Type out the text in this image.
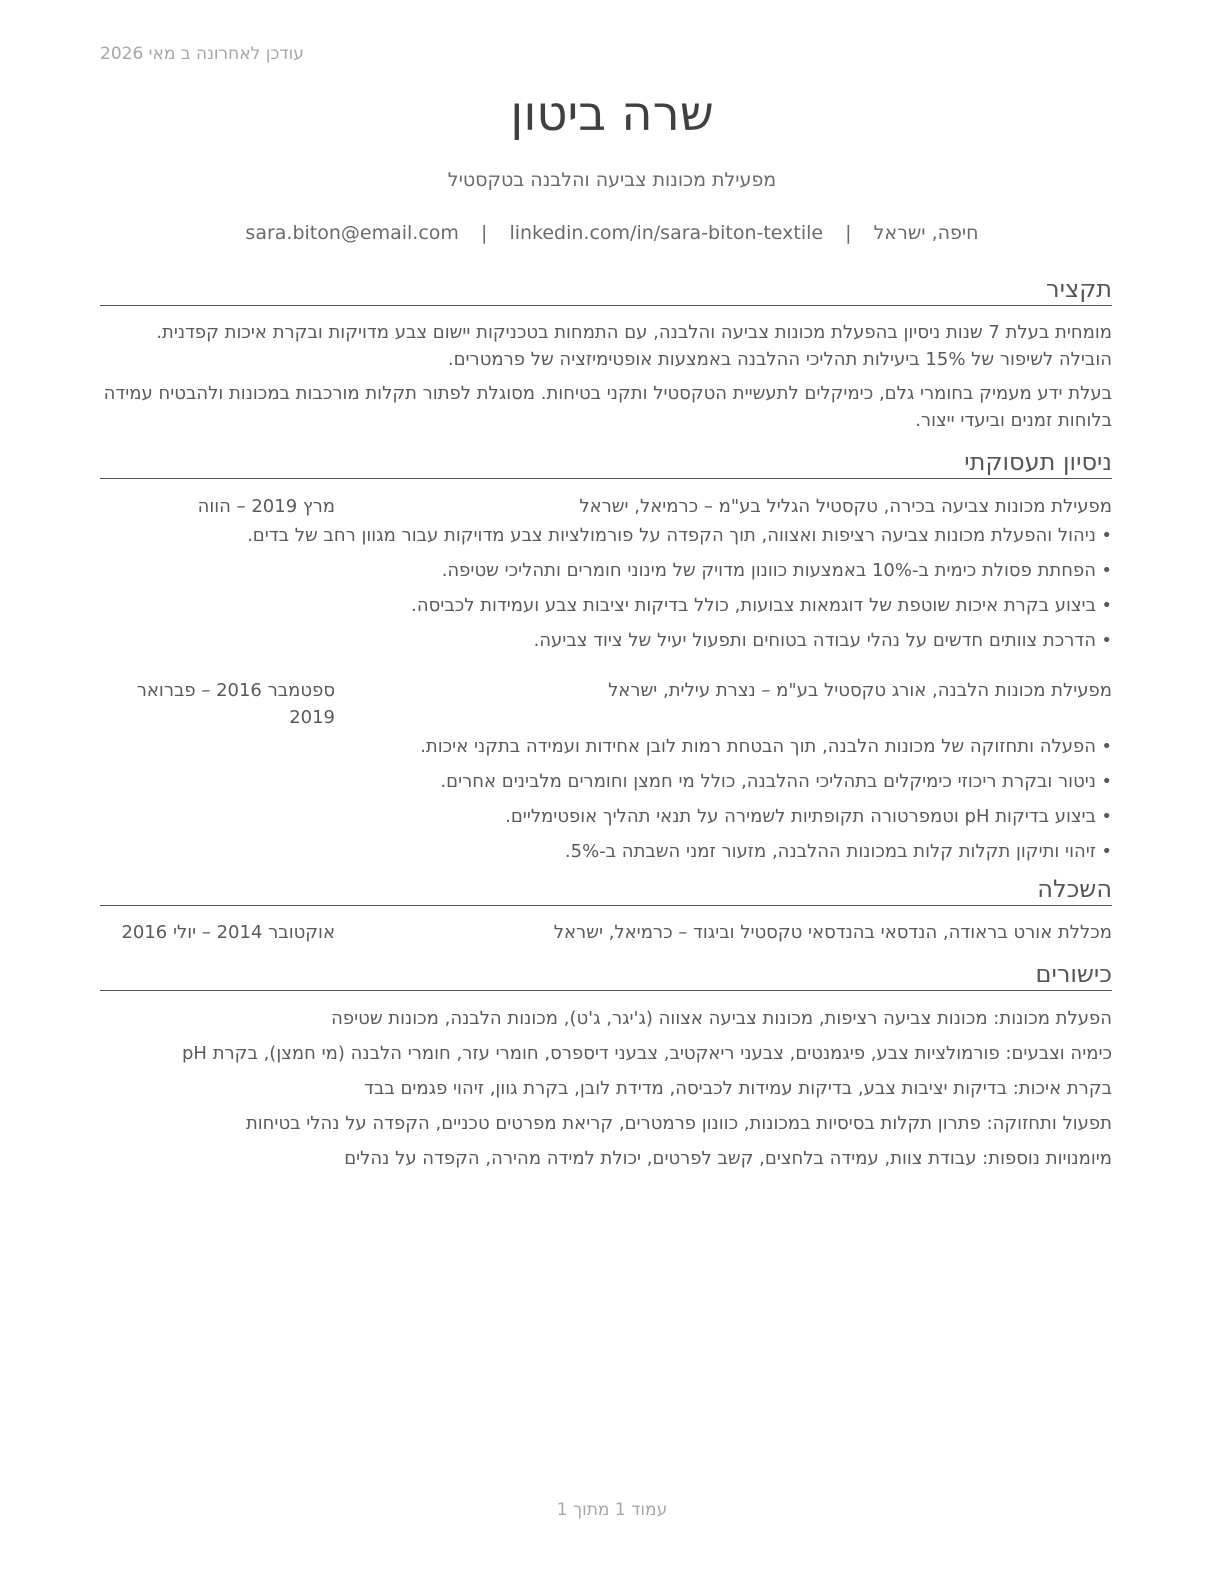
עודכן לאחרונה ב מאי 2026
שרה ביטון
מפעילת מכונות צביעה והלבנה בטקסטיל
חיפה, ישראל | sara.biton@email.com | linkedin.com/in/sara-biton-textile
תקציר

מומחית בעלת 7 שנות ניסיון בהפעלת מכונות צביעה והלבנה, עם התמחות בטכניקות יישום צבע מדויקות ובקרת איכות קפדנית. הובילה לשיפור של 15% ביעילות תהליכי ההלבנה באמצעות אופטימיזציה של פרמטרים.

בעלת ידע מעמיק בחומרי גלם, כימיקלים לתעשיית הטקסטיל ותקני בטיחות. מסוגלת לפתור תקלות מורכבות במכונות ולהבטיח עמידה בלוחות זמנים וביעדי ייצור.

ניסיון תעסוקתי
מפעילת מכונות צביעה בכירה, טקסטיל הגליל בע"מ – כרמיאל, ישראל
מרץ 2019 – הווה
• ניהול והפעלת מכונות צביעה רציפות ואצווה, תוך הקפדה על פורמולציות צבע מדויקות עבור מגוון רחב של בדים.
• הפחתת פסולת כימית ב-10% באמצעות כוונון מדויק של מינוני חומרים ותהליכי שטיפה.
• ביצוע בקרת איכות שוטפת של דוגמאות צבועות, כולל בדיקות יציבות צבע ועמידות לכביסה.
• הדרכת צוותים חדשים על נהלי עבודה בטוחים ותפעול יעיל של ציוד צביעה.
מפעילת מכונות הלבנה, אורג טקסטיל בע"מ – נצרת עילית, ישראל
ספטמבר 2016 – פברואר 2019
• הפעלה ותחזוקה של מכונות הלבנה, תוך הבטחת רמות לובן אחידות ועמידה בתקני איכות.
• ניטור ובקרת ריכוזי כימיקלים בתהליכי ההלבנה, כולל מי חמצן וחומרים מלבינים אחרים.
• ביצוע בדיקות pH וטמפרטורה תקופתיות לשמירה על תנאי תהליך אופטימליים.
• זיהוי ותיקון תקלות קלות במכונות ההלבנה, מזעור זמני השבתה ב-5%.
השכלה
מכללת אורט בראודה, הנדסאי בהנדסאי טקסטיל וביגוד – כרמיאל, ישראל
אוקטובר 2014 – יולי 2016
כישורים
הפעלת מכונות: מכונות צביעה רציפות, מכונות צביעה אצווה (ג'יגר, ג'ט), מכונות הלבנה, מכונות שטיפה
כימיה וצבעים: פורמולציות צבע, פיגמנטים, צבעני ריאקטיב, צבעני דיספרס, חומרי עזר, חומרי הלבנה (מי חמצן), בקרת pH
בקרת איכות: בדיקות יציבות צבע, בדיקות עמידות לכביסה, מדידת לובן, בקרת גוון, זיהוי פגמים בבד
תפעול ותחזוקה: פתרון תקלות בסיסיות במכונות, כוונון פרמטרים, קריאת מפרטים טכניים, הקפדה על נהלי בטיחות
מיומנויות נוספות: עבודת צוות, עמידה בלחצים, קשב לפרטים, יכולת למידה מהירה, הקפדה על נהלים
עמוד 1 מתוך 1
